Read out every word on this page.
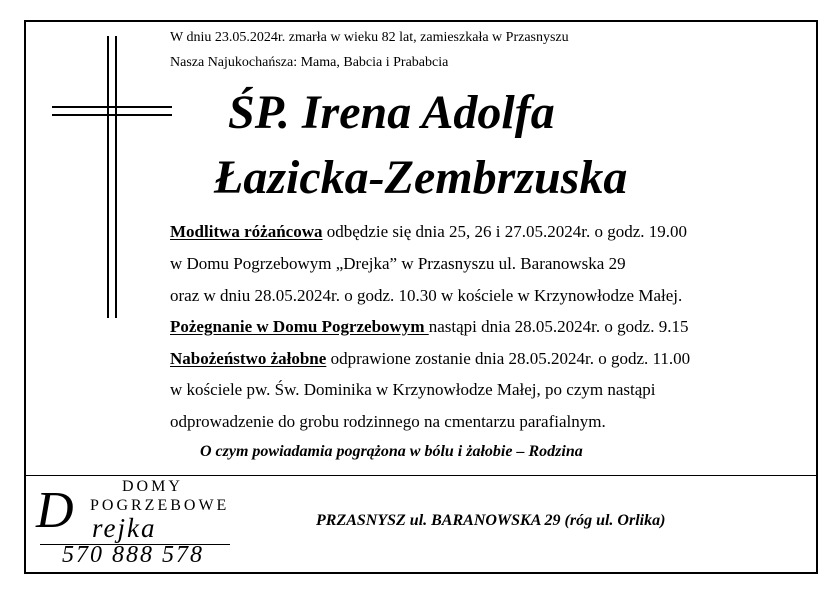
W dniu 23.05.2024r. zmarła w wieku 82 lat, zamieszkała w Przasnyszu
Nasza Najukochańsza: Mama, Babcia i Prababcia
ŚP. Irena Adolfa
Łazicka-Zembrzuska
Modlitwa różańcowa odbędzie się dnia 25, 26 i 27.05.2024r. o godz. 19.00
w Domu Pogrzebowym „Drejka” w Przasnyszu ul. Baranowska 29
oraz w dniu 28.05.2024r. o godz. 10.30 w kościele w Krzynowłodze Małej.
Pożegnanie w Domu Pogrzebowym nastąpi dnia 28.05.2024r. o godz. 9.15
Nabożeństwo żałobne odprawione zostanie dnia 28.05.2024r. o godz. 11.00
w kościele pw. Św. Dominika w Krzynowłodze Małej, po czym nastąpi
odprowadzenie do grobu rodzinnego na cmentarzu parafialnym.
O czym powiadamia pogrążona w bólu i żałobie – Rodzina
DOMY
POGRZEBOWE
D rejka
570 888 578
PRZASNYSZ ul. BARANOWSKA 29 (róg ul. Orlika)
